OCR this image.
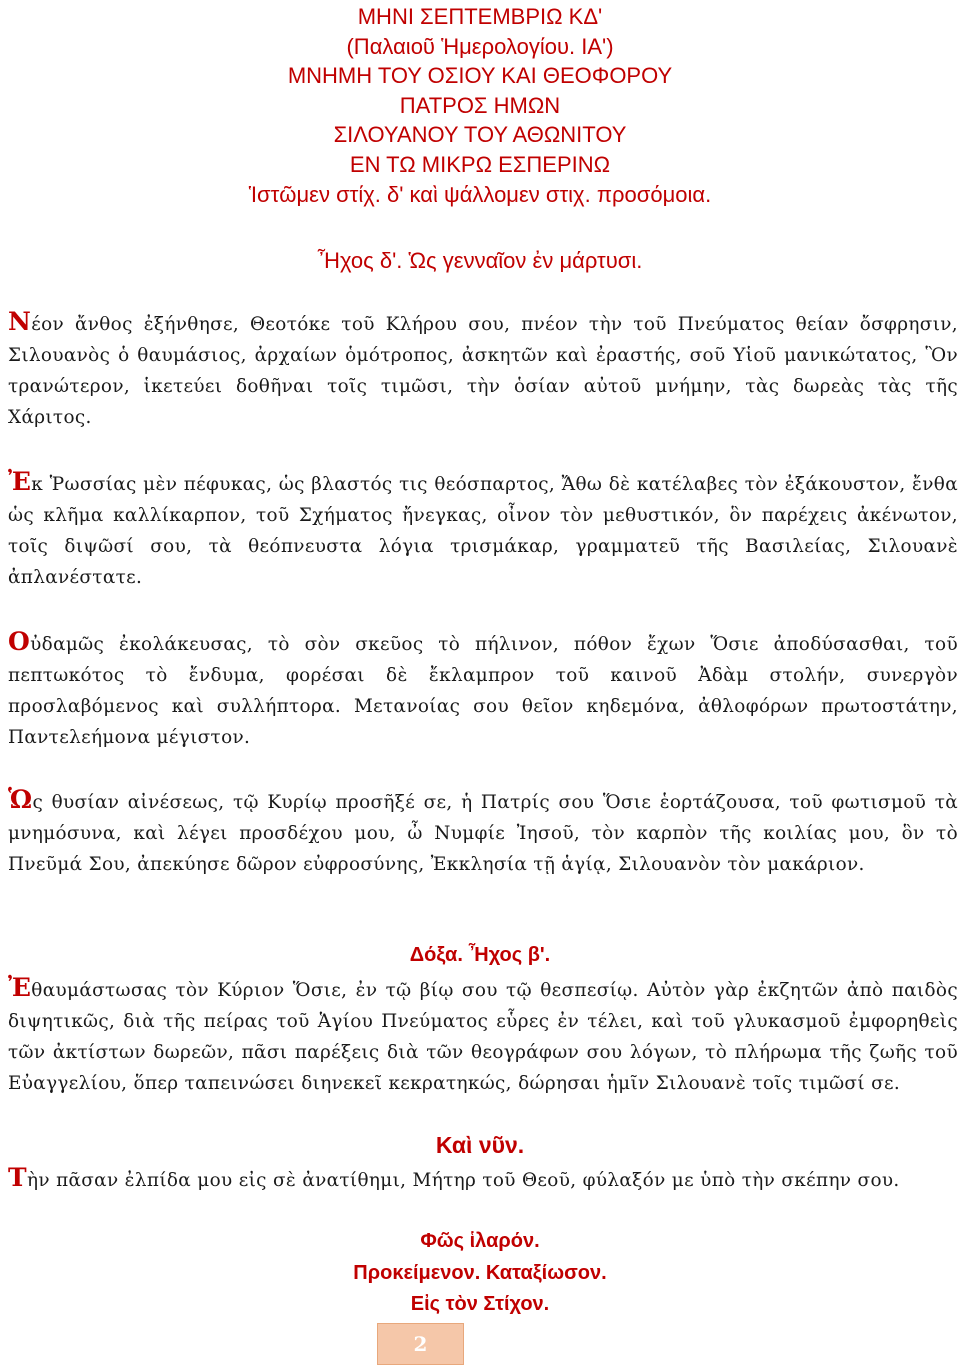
ΜΗΝΙ ΣΕΠΤΕΜΒΡΙΩ ΚΔ'
(Παλαιοῦ Ἡμερολογίου. ΙΑ')
ΜΝΗΜΗ ΤΟΥ ΟΣΙΟΥ ΚΑΙ ΘΕΟΦΟΡΟΥ
ΠΑΤΡΟΣ ΗΜΩΝ
ΣΙΛΟΥΑΝΟΥ ΤΟΥ ΑΘΩΝΙΤΟΥ
ΕΝ ΤΩ ΜΙΚΡΩ ΕΣΠΕΡΙΝΩ
Ἱστῶμεν στίχ. δ' καὶ ψάλλομεν στιχ. προσόμοια.
Ἦχος δ'. Ὡς γενναῖον ἐν μάρτυσι.

Νέον ἄνθος ἐξήνθησε, Θεοτόκε τοῦ Κλήρου σου, πνέον τὴν τοῦ Πνεύματος θείαν ὄσφρησιν, Σιλουανὸς ὁ θαυμάσιος, ἀρχαίων ὁμότροπος, ἀσκητῶν καὶ ἐραστής, σοῦ Υἱοῦ μανικώτατος, Ὃν τρανώτερον, ἱκετεύει δοθῆναι τοῖς τιμῶσι, τὴν ὁσίαν αὐτοῦ μνήμην, τὰς δωρεὰς τὰς τῆς Χάριτος.

Ἐκ Ῥωσσίας μὲν πέφυκας, ὡς βλαστός τις θεόσπαρτος, Ἄθω δὲ κατέλαβες τὸν ἐξάκουστον, ἔνθα ὡς κλῆμα καλλίκαρπον, τοῦ Σχήματος ἤνεγκας, οἶνον τὸν μεθυστικόν, ὃν παρέχεις ἀκένωτον, τοῖς διψῶσί σου, τὰ θεόπνευστα λόγια τρισμάκαρ, γραμματεῦ τῆς Βασιλείας, Σιλουανὲ ἀπλανέστατε.

Οὐδαμῶς ἐκολάκευσας, τὸ σὸν σκεῦος τὸ πήλινον, πόθον ἔχων Ὅσιε ἀποδύσασθαι, τοῦ πεπτωκότος τὸ ἔνδυμα, φορέσαι δὲ ἔκλαμπρον τοῦ καινοῦ Ἀδὰμ στολήν, συνεργὸν προσλαβόμενος καὶ συλλήπτορα. Μετανοίας σου θεῖον κηδεμόνα, ἀθλοφόρων πρωτοστάτην, Παντελεήμονα μέγιστον.

Ὡς θυσίαν αἰνέσεως, τῷ Κυρίῳ προσῆξέ σε, ἡ Πατρίς σου Ὅσιε ἑορτάζουσα, τοῦ φωτισμοῦ τὰ μνημόσυνα, καὶ λέγει προσδέχου μου, ὦ Νυμφίε Ἰησοῦ, τὸν καρπὸν τῆς κοιλίας μου, ὃν τὸ Πνεῦμά Σου, ἀπεκύησε δῶρον εὐφροσύνης, Ἐκκλησία τῇ ἁγίᾳ, Σιλουανὸν τὸν μακάριον.

Δόξα. Ἦχος β'.

Ἐθαυμάστωσας τὸν Κύριον Ὅσιε, ἐν τῷ βίῳ σου τῷ θεσπεσίῳ. Αὐτὸν γὰρ ἐκζητῶν ἀπὸ παιδὸς διψητικῶς, διὰ τῆς πείρας τοῦ Ἁγίου Πνεύματος εὗρες ἐν τέλει, καὶ τοῦ γλυκασμοῦ ἐμφορηθεὶς τῶν ἀκτίστων δωρεῶν, πᾶσι παρέξεις διὰ τῶν θεογράφων σου λόγων, τὸ πλήρωμα τῆς ζωῆς τοῦ Εὐαγγελίου, ὅπερ ταπεινώσει διηνεκεῖ κεκρατηκώς, δώρησαι ἡμῖν Σιλουανὲ τοῖς τιμῶσί σε.

Καὶ νῦν.

Τὴν πᾶσαν ἐλπίδα μου εἰς σὲ ἀνατίθημι, Μήτηρ τοῦ Θεοῦ, φύλαξόν με ὑπὸ τὴν σκέπην σου.

Φῶς ἱλαρόν.
Προκείμενον. Καταξίωσον.
Εἰς τὸν Στίχον.
2
